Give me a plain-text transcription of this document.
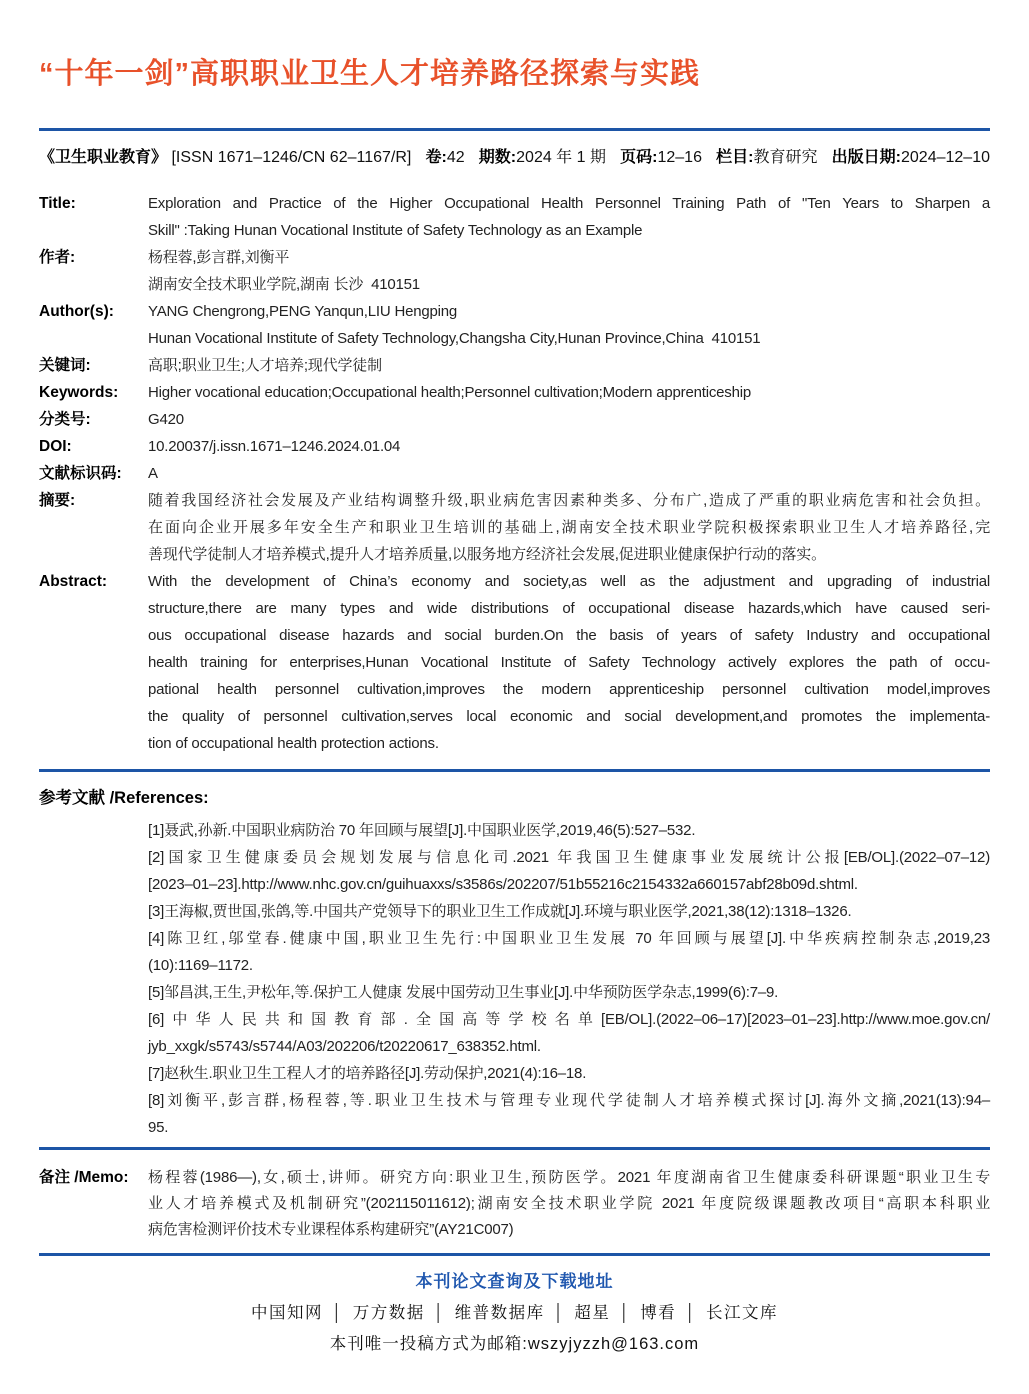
“十年一剑”高职职业卫生人才培养路径探索与实践
《卫生职业教育》 [ISSN 1671–1246/CN 62–1167/R] 卷:42 期数:2024 年 1 期 页码:12–16 栏目:教育研究 出版日期:2024–12–10
Title:	Exploration and Practice of the Higher Occupational Health Personnel Training Path of "Ten Years to Sharpen a
Skill" :Taking Hunan Vocational Institute of Safety Technology as an Example
作者:	杨程蓉,彭言群,刘衡平
湖南安全技术职业学院,湖南 长沙  410151
Author(s):	YANG Chengrong,PENG Yanqun,LIU Hengping
Hunan Vocational Institute of Safety Technology,Changsha City,Hunan Province,China  410151
关键词:	高职;职业卫生;人才培养;现代学徒制
Keywords:	Higher vocational education;Occupational health;Personnel cultivation;Modern apprenticeship
分类号:	G420
DOI:	10.20037/j.issn.1671–1246.2024.01.04
文献标识码:	A
摘要:	随着我国经济社会发展及产业结构调整升级,职业病危害因素种类多、分布广,造成了严重的职业病危害和社会负担。
在面向企业开展多年安全生产和职业卫生培训的基础上,湖南安全技术职业学院积极探索职业卫生人才培养路径,完
善现代学徒制人才培养模式,提升人才培养质量,以服务地方经济社会发展,促进职业健康保护行动的落实。
Abstract:	With the development of China’s economy and society,as well as the adjustment and upgrading of industrial
structure,there are many types and wide distributions of occupational disease hazards,which have caused seri-
ous occupational disease hazards and social burden.On the basis of years of safety Industry and occupational
health training for enterprises,Hunan Vocational Institute of Safety Technology actively explores the path of occu-
pational health personnel cultivation,improves the modern apprenticeship personnel cultivation model,improves
the quality of personnel cultivation,serves local economic and social development,and promotes the implementa-
tion of occupational health protection actions.
参考文献 /References:
[1]聂武,孙新.中国职业病防治 70 年回顾与展望[J].中国职业医学,2019,46(5):527–532.
[2]国家卫生健康委员会规划发展与信息化司.2021 年我国卫生健康事业发展统计公报[EB/OL].(2022–07–12)
[2023–01–23].http://www.nhc.gov.cn/guihuaxxs/s3586s/202207/51b55216c2154332a660157abf28b09d.shtml.
[3]王海椒,贾世国,张鸽,等.中国共产党领导下的职业卫生工作成就[J].环境与职业医学,2021,38(12):1318–1326.
[4]陈卫红,邬堂春.健康中国,职业卫生先行:中国职业卫生发展 70 年回顾与展望[J].中华疾病控制杂志,2019,23
(10):1169–1172.
[5]邹昌淇,王生,尹松年,等.保护工人健康 发展中国劳动卫生事业[J].中华预防医学杂志,1999(6):7–9.
[6]中华人民共和国教育部.全国高等学校名单[EB/OL].(2022–06–17)[2023–01–23].http://www.moe.gov.cn/
jyb_xxgk/s5743/s5744/A03/202206/t20220617_638352.html.
[7]赵秋生.职业卫生工程人才的培养路径[J].劳动保护,2021(4):16–18.
[8]刘衡平,彭言群,杨程蓉,等.职业卫生技术与管理专业现代学徒制人才培养模式探讨[J].海外文摘,2021(13):94–
95.
备注 /Memo:	杨程蓉(1986—),女,硕士,讲师。研究方向:职业卫生,预防医学。2021 年度湖南省卫生健康委科研课题“职业卫生专
业人才培养模式及机制研究”(202115011612);湖南安全技术职业学院 2021 年度院级课题教改项目“高职本科职业
病危害检测评价技术专业课程体系构建研究”(AY21C007)
本刊论文查询及下载地址
中国知网 │ 万方数据 │ 维普数据库 │ 超星 │ 博看 │ 长江文库
本刊唯一投稿方式为邮箱:wszyjyzzh@163.com
